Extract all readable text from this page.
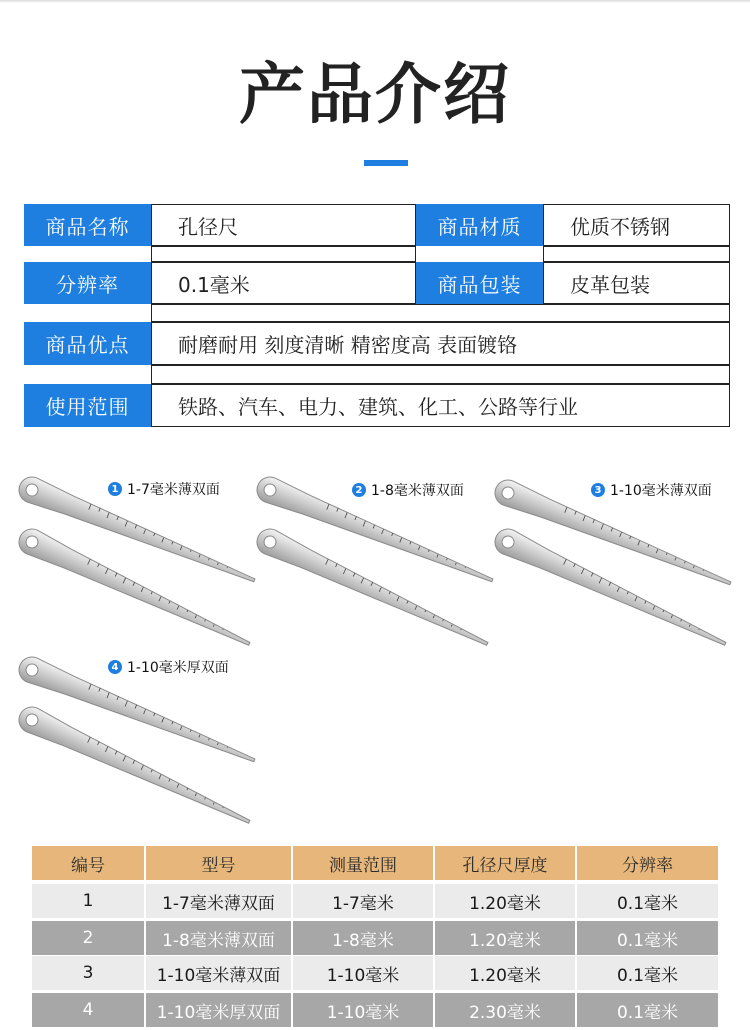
产品介绍
商品名称	孔径尺	商品材质	优质不锈钢
分辨率	0.1毫米	商品包装	皮革包装
商品优点	耐磨耐用 刻度清晰 精密度高 表面镀铬
使用范围	铁路、汽车、电力、建筑、化工、公路等行业
1 1-7毫米薄双面	2 1-8毫米薄双面	3 1-10毫米薄双面
4 1-10毫米厚双面
编号	型号	测量范围	孔径尺厚度	分辨率
1	1-7毫米薄双面	1-7毫米	1.20毫米	0.1毫米
2	1-8毫米薄双面	1-8毫米	1.20毫米	0.1毫米
3	1-10毫米薄双面	1-10毫米	1.20毫米	0.1毫米
4	1-10毫米厚双面	1-10毫米	2.30毫米	0.1毫米
